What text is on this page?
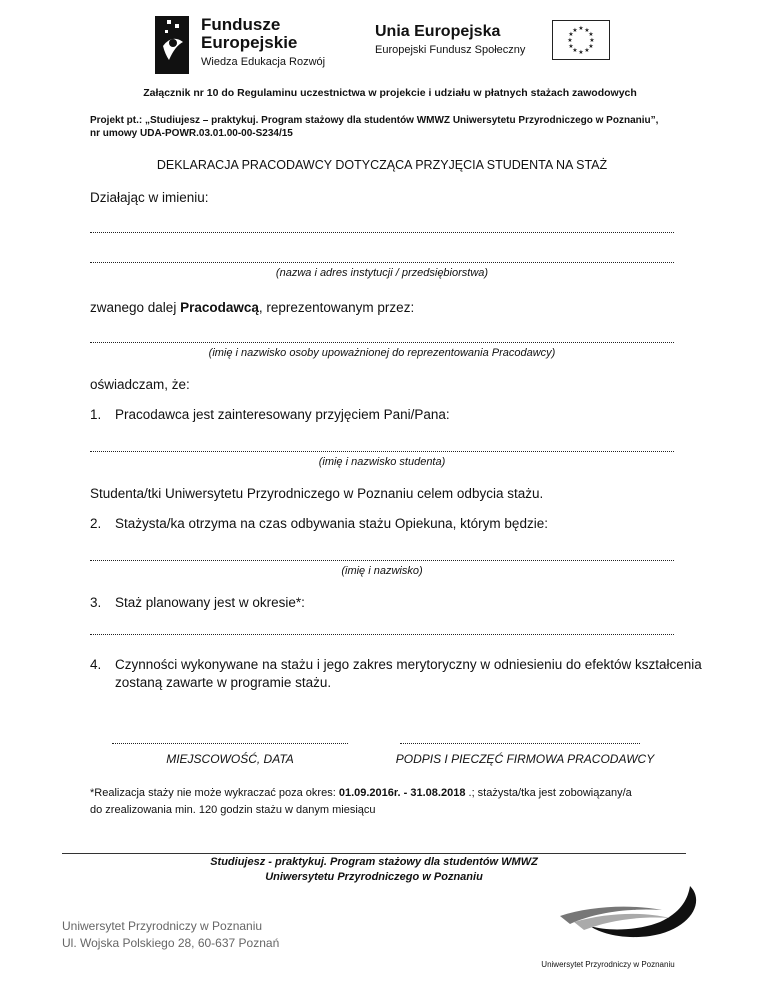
Fundusze
Europejskie
Wiedza Edukacja Rozwój
Unia Europejska
Europejski Fundusz Społeczny
★ ★
★
★
★
★
★
★
★
★
★
★
Załącznik nr 10 do Regulaminu uczestnictwa w projekcie i udziału w płatnych stażach zawodowych
Projekt pt.: „Studiujesz – praktykuj. Program stażowy dla studentów WMWZ Uniwersytetu Przyrodniczego w Poznaniu”,
nr umowy UDA-POWR.03.01.00-00-S234/15
DEKLARACJA PRACODAWCY DOTYCZĄCA PRZYJĘCIA STUDENTA NA STAŻ
Działając w imieniu:
(nazwa i adres instytucji / przedsiębiorstwa)
zwanego dalej Pracodawcą, reprezentowanym przez:
(imię i nazwisko osoby upoważnionej do reprezentowania Pracodawcy)
oświadczam, że:
1. Pracodawca jest zainteresowany przyjęciem Pani/Pana:
(imię i nazwisko studenta)
Studenta/tki Uniwersytetu Przyrodniczego w Poznaniu celem odbycia stażu.
2. Stażysta/ka otrzyma na czas odbywania stażu Opiekuna, którym będzie:
(imię i nazwisko)
3. Staż planowany jest w okresie*:
4. Czynności wykonywane na stażu i jego zakres merytoryczny w odniesieniu do efektów kształcenia
zostaną zawarte w programie stażu.
MIEJSCOWOŚĆ, DATA	PODPIS I PIECZĘĆ FIRMOWA PRACODAWCY
*Realizacja staży nie może wykraczać poza okres: 01.09.2016r. - 31.08.2018 .; stażysta/tka jest zobowiązany/a
do zrealizowania min. 120 godzin stażu w danym miesiącu
Studiujesz - praktykuj. Program stażowy dla studentów WMWZ
Uniwersytetu Przyrodniczego w Poznaniu
Uniwersytet Przyrodniczy w Poznaniu
Ul. Wojska Polskiego 28, 60-637 Poznań
Uniwersytet Przyrodniczy w Poznaniu
